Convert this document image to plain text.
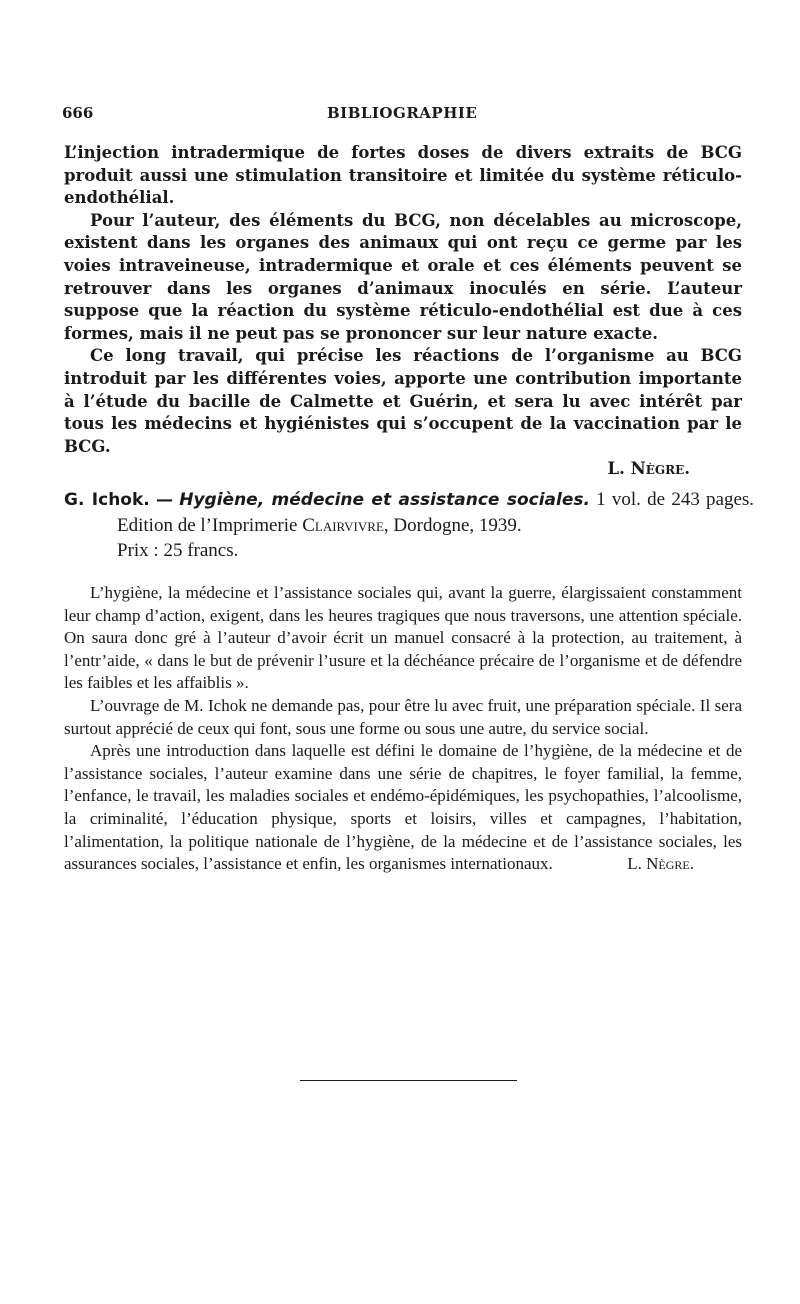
666	BIBLIOGRAPHIE

L’injection intradermique de fortes doses de divers extraits de BCG produit aussi une stimulation transitoire et limitée du système réticulo-endothélial.

Pour l’auteur, des éléments du BCG, non décelables au microscope, existent dans les organes des animaux qui ont reçu ce germe par les voies intraveineuse, intradermique et orale et ces éléments peuvent se retrouver dans les organes d’animaux inoculés en série. L’auteur suppose que la réaction du système réticulo-endothélial est due à ces formes, mais il ne peut pas se prononcer sur leur nature exacte.

Ce long travail, qui précise les réactions de l’organisme au BCG introduit par les différentes voies, apporte une contribution importante à l’étude du bacille de Calmette et Guérin, et sera lu avec intérêt par tous les médecins et hygiénistes qui s’occupent de la vaccination par le BCG.

L. Nègre.

G. Ichok. — Hygiène, médecine et assistance sociales. 1 vol. de 243 pages. Edition de l’Imprimerie Clairvivre, Dordogne, 1939.
Prix : 25 francs.

L’hygiène, la médecine et l’assistance sociales qui, avant la guerre, élargissaient constamment leur champ d’action, exigent, dans les heures tragiques que nous traversons, une attention spéciale. On saura donc gré à l’auteur d’avoir écrit un manuel consacré à la protection, au traitement, à l’entr’aide, « dans le but de prévenir l’usure et la déchéance précaire de l’organisme et de défendre les faibles et les affaiblis ».

L’ouvrage de M. Ichok ne demande pas, pour être lu avec fruit, une préparation spéciale. Il sera surtout apprécié de ceux qui font, sous une forme ou sous une autre, du service social.

Après une introduction dans laquelle est défini le domaine de l’hygiène, de la médecine et de l’assistance sociales, l’auteur examine dans une série de chapitres, le foyer familial, la femme, l’enfance, le travail, les maladies sociales et endémo-épidémiques, les psychopathies, l’alcoolisme, la criminalité, l’éducation physique, sports et loisirs, villes et campagnes, l’habitation, l’alimentation, la politique nationale de l’hygiène, de la médecine et de l’assistance sociales, les assurances sociales, l’assistance et enfin, les organismes internationaux.	L. Nègre.
